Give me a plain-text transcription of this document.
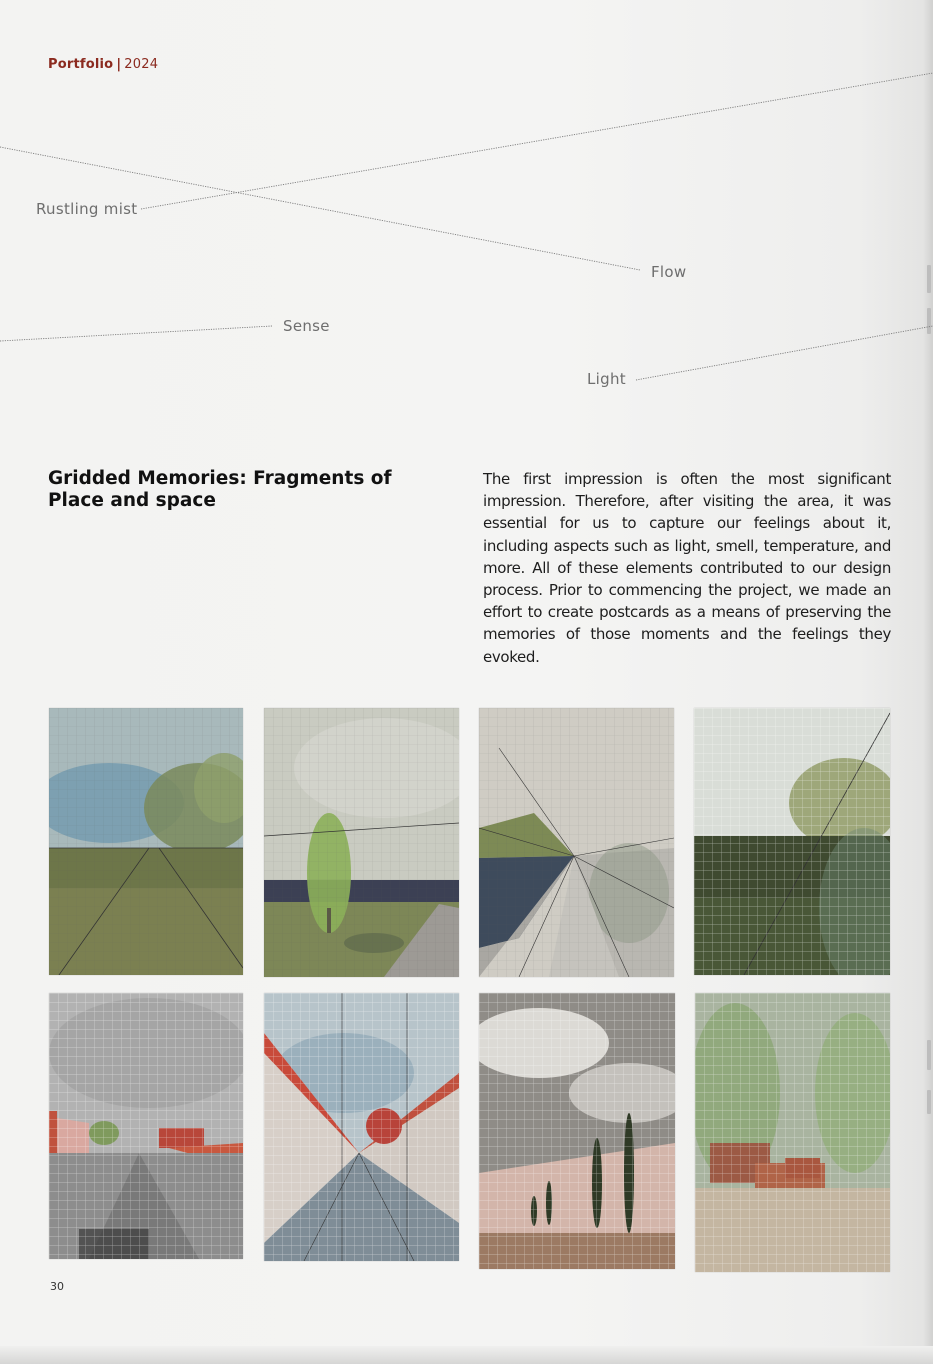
Portfolio | 2024
Rustling mist
Flow
Sense
Light
Gridded Memories: Fragments of Place and space

The first impression is often the most significant impression. Therefore, after visiting the area, it was essential for us to capture our feelings about it, including aspects such as light, smell, temperature, and more. All of these elements contributed to our design process. Prior to commencing the project, we made an effort to create postcards as a means of preserving the memories of those moments and the feelings they evoked.

30
